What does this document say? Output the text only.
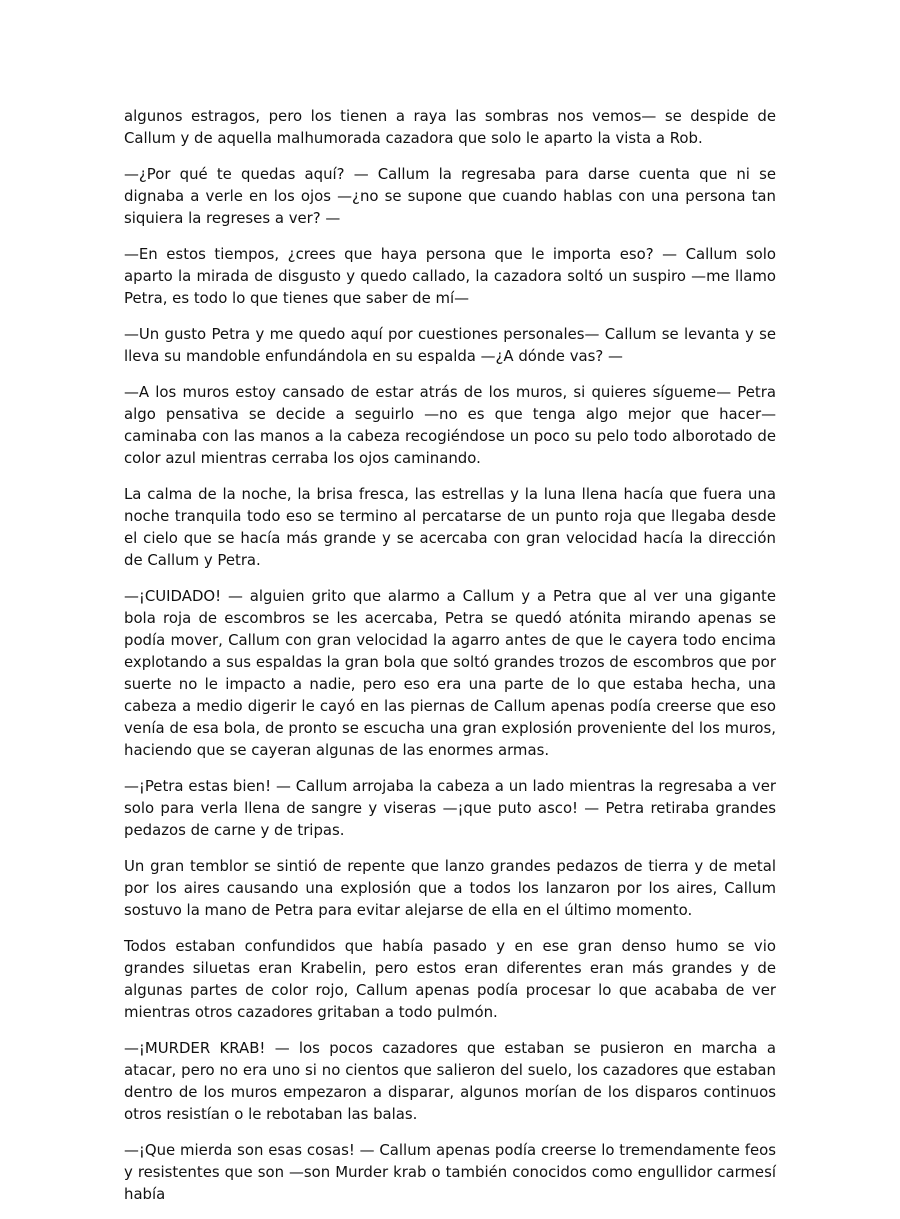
algunos estragos, pero los tienen a raya las sombras nos vemos— se despide de Callum y de aquella malhumorada cazadora que solo le aparto la vista a Rob.

—¿Por qué te quedas aquí? — Callum la regresaba para darse cuenta que ni se dignaba a verle en los ojos —¿no se supone que cuando hablas con una persona tan siquiera la regreses a ver? —

—En estos tiempos, ¿crees que haya persona que le importa eso? — Callum solo aparto la mirada de disgusto y quedo callado, la cazadora soltó un suspiro —me llamo Petra, es todo lo que tienes que saber de mí—

—Un gusto Petra y me quedo aquí por cuestiones personales— Callum se levanta y se lleva su mandoble enfundándola en su espalda —¿A dónde vas? —

—A los muros estoy cansado de estar atrás de los muros, si quieres sígueme— Petra algo pensativa se decide a seguirlo —no es que tenga algo mejor que hacer— caminaba con las manos a la cabeza recogiéndose un poco su pelo todo alborotado de color azul mientras cerraba los ojos caminando.

La calma de la noche, la brisa fresca, las estrellas y la luna llena hacía que fuera una noche tranquila todo eso se termino al percatarse de un punto roja que llegaba desde el cielo que se hacía más grande y se acercaba con gran velocidad hacía la dirección de Callum y Petra.

—¡CUIDADO! — alguien grito que alarmo a Callum y a Petra que al ver una gigante bola roja de escombros se les acercaba, Petra se quedó atónita mirando apenas se podía mover, Callum con gran velocidad la agarro antes de que le cayera todo encima explotando a sus espaldas la gran bola que soltó grandes trozos de escombros que por suerte no le impacto a nadie, pero eso era una parte de lo que estaba hecha, una cabeza a medio digerir le cayó en las piernas de Callum apenas podía creerse que eso venía de esa bola, de pronto se escucha una gran explosión proveniente del los muros, haciendo que se cayeran algunas de las enormes armas.

—¡Petra estas bien! — Callum arrojaba la cabeza a un lado mientras la regresaba a ver solo para verla llena de sangre y viseras —¡que puto asco! — Petra retiraba grandes pedazos de carne y de tripas.

Un gran temblor se sintió de repente que lanzo grandes pedazos de tierra y de metal por los aires causando una explosión que a todos los lanzaron por los aires, Callum sostuvo la mano de Petra para evitar alejarse de ella en el último momento.

Todos estaban confundidos que había pasado y en ese gran denso humo se vio grandes siluetas eran Krabelin, pero estos eran diferentes eran más grandes y de algunas partes de color rojo, Callum apenas podía procesar lo que acababa de ver mientras otros cazadores gritaban a todo pulmón.

—¡MURDER KRAB! — los pocos cazadores que estaban se pusieron en marcha a atacar, pero no era uno si no cientos que salieron del suelo, los cazadores que estaban dentro de los muros empezaron a disparar, algunos morían de los disparos continuos otros resistían o le rebotaban las balas.

—¡Que mierda son esas cosas! — Callum apenas podía creerse lo tremendamente feos y resistentes que son —son Murder krab o también conocidos como engullidor carmesí había
